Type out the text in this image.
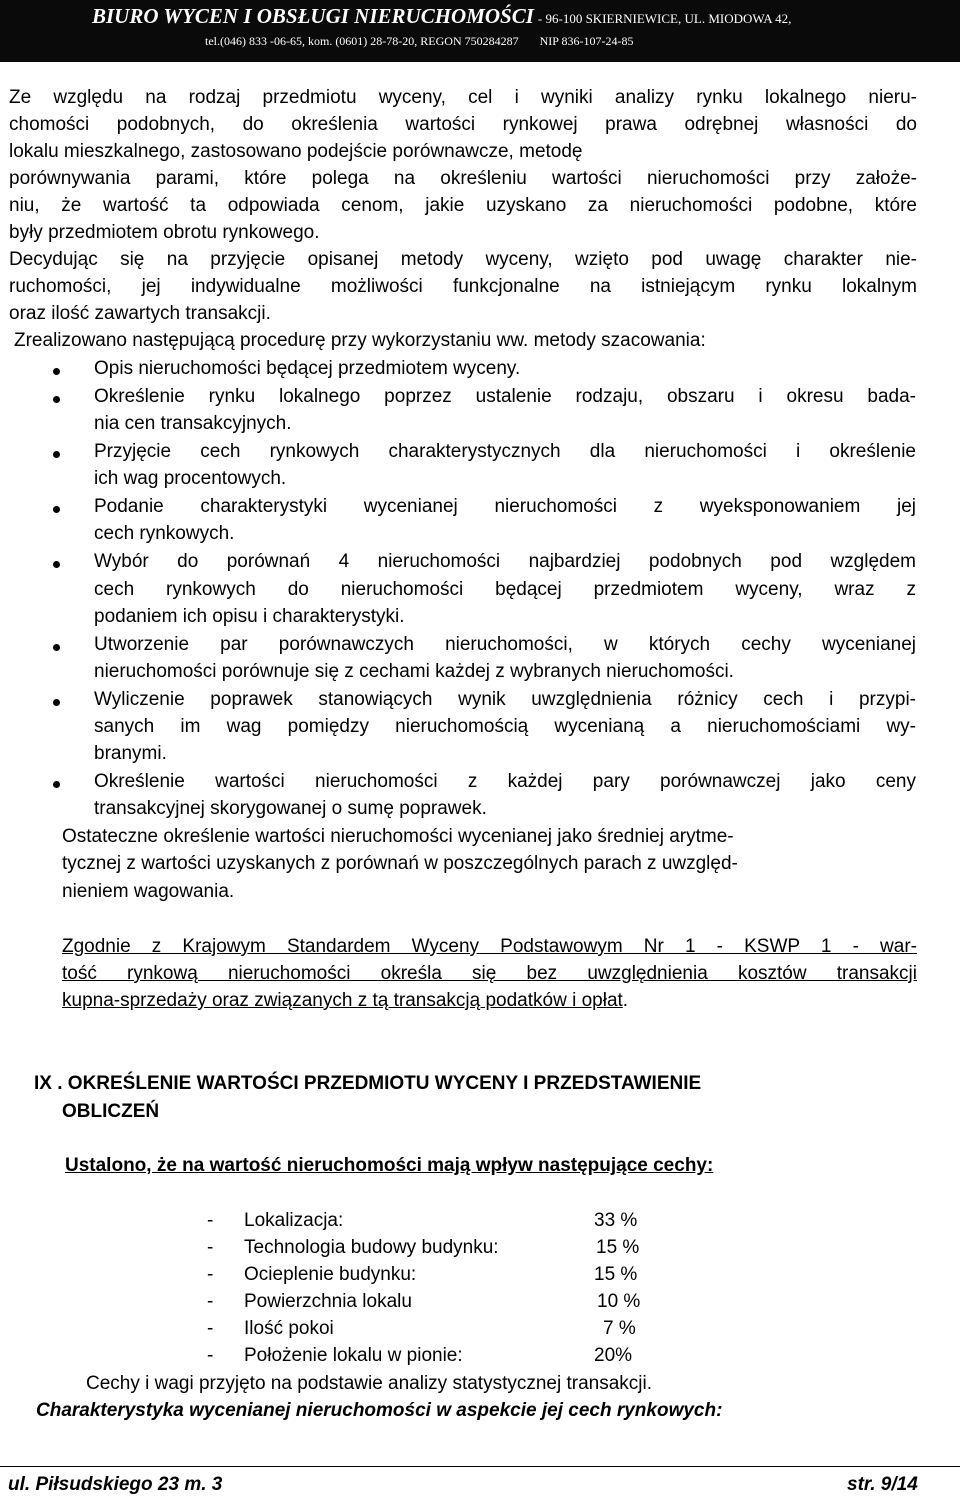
BIURO WYCEN I OBSŁUGI NIERUCHOMOŚCI - 96-100 SKIERNIEWICE, UL. MIODOWA 42,
tel.(046) 833 -06-65, kom. (0601) 28-78-20, REGON 750284287 NIP 836-107-24-85
Ze względu na rodzaj przedmiotu wyceny, cel i wyniki analizy rynku lokalnego nieru-
chomości podobnych, do określenia wartości rynkowej prawa odrębnej własności do
lokalu mieszkalnego, zastosowano podejście porównawcze, metodę
porównywania parami, które polega na określeniu wartości nieruchomości przy założe-
niu, że wartość ta odpowiada cenom, jakie uzyskano za nieruchomości podobne, które
były przedmiotem obrotu rynkowego.
Decydując się na przyjęcie opisanej metody wyceny, wzięto pod uwagę charakter nie-
ruchomości, jej indywidualne możliwości funkcjonalne na istniejącym rynku lokalnym
oraz ilość zawartych transakcji.
Zrealizowano następującą procedurę przy wykorzystaniu ww. metody szacowania:
Opis nieruchomości będącej przedmiotem wyceny.
Określenie rynku lokalnego poprzez ustalenie rodzaju, obszaru i okresu bada-
nia cen transakcyjnych.
Przyjęcie cech rynkowych charakterystycznych dla nieruchomości i określenie
ich wag procentowych.
Podanie charakterystyki wycenianej nieruchomości z wyeksponowaniem jej
cech rynkowych.
Wybór do porównań 4 nieruchomości najbardziej podobnych pod względem
cech rynkowych do nieruchomości będącej przedmiotem wyceny, wraz z
podaniem ich opisu i charakterystyki.
Utworzenie par porównawczych nieruchomości, w których cechy wycenianej
nieruchomości porównuje się z cechami każdej z wybranych nieruchomości.
Wyliczenie poprawek stanowiących wynik uwzględnienia różnicy cech i przypi-
sanych im wag pomiędzy nieruchomością wycenianą a nieruchomościami wy-
branymi.
Określenie wartości nieruchomości z każdej pary porównawczej jako ceny
transakcyjnej skorygowanej o sumę poprawek.
Ostateczne określenie wartości nieruchomości wycenianej jako średniej arytme-
tycznej z wartości uzyskanych z porównań w poszczególnych parach z uwzględ-
nieniem wagowania.
Zgodnie z Krajowym Standardem Wyceny Podstawowym Nr 1 - KSWP 1 - war-
tość rynkową nieruchomości określa się bez uwzględnienia kosztów transakcji
kupna-sprzedaży oraz związanych z tą transakcją podatków i opłat.
IX . OKREŚLENIE WARTOŚCI PRZEDMIOTU WYCENY I PRZEDSTAWIENIE
OBLICZEŃ
Ustalono, że na wartość nieruchomości mają wpływ następujące cechy:
- Lokalizacja:	33 %
- Technologia budowy budynku:	15 %
- Ocieplenie budynku:	15 %
- Powierzchnia lokalu	10 %
- Ilość pokoi	7 %
- Położenie lokalu w pionie:	20%
Cechy i wagi przyjęto na podstawie analizy statystycznej transakcji.
Charakterystyka wycenianej nieruchomości w aspekcie jej cech rynkowych:
ul. Piłsudskiego 23 m. 3	str. 9/14
